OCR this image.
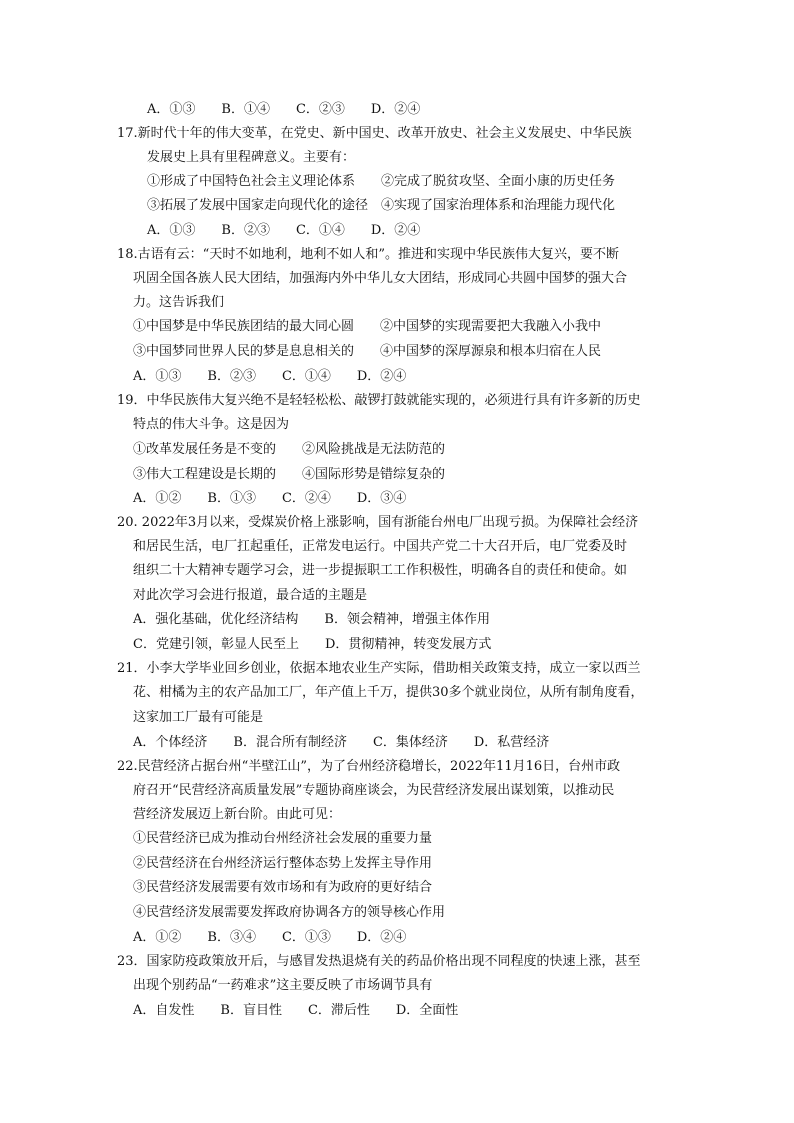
A．①③　　B．①④　　C．②③　　D．②④
17.新时代十年的伟大变革，在党史、新中国史、改革开放史、社会主义发展史、中华民族
发展史上具有里程碑意义。主要有：
①形成了中国特色社会主义理论体系　　②完成了脱贫攻坚、全面小康的历史任务
③拓展了发展中国家走向现代化的途径　④实现了国家治理体系和治理能力现代化
A．①③　　B．②③　　C．①④　　D．②④
18.古语有云：“天时不如地利，地利不如人和”。推进和实现中华民族伟大复兴，要不断
巩固全国各族人民大团结，加强海内外中华儿女大团结，形成同心共圆中国梦的强大合
力。这告诉我们
①中国梦是中华民族团结的最大同心圆　　②中国梦的实现需要把大我融入小我中
③中国梦同世界人民的梦是息息相关的　　④中国梦的深厚源泉和根本归宿在人民
A．①③　　B．②③　　C．①④　　D．②④
19．中华民族伟大复兴绝不是轻轻松松、敲锣打鼓就能实现的，必须进行具有许多新的历史
特点的伟大斗争。这是因为
①改革发展任务是不变的　　②风险挑战是无法防范的
③伟大工程建设是长期的　　④国际形势是错综复杂的
A．①②　　B．①③　　C．②④　　D．③④
20. 2022年3月以来，受煤炭价格上涨影响，国有浙能台州电厂出现亏损。为保障社会经济
和居民生活，电厂扛起重任，正常发电运行。中国共产党二十大召开后，电厂党委及时
组织二十大精神专题学习会，进一步提振职工工作积极性，明确各自的责任和使命。如
对此次学习会进行报道，最合适的主题是
A．强化基础，优化经济结构　　B．领会精神，增强主体作用
C．党建引领，彰显人民至上　　D．贯彻精神，转变发展方式
21．小李大学毕业回乡创业，依据本地农业生产实际，借助相关政策支持，成立一家以西兰
花、柑橘为主的农产品加工厂，年产值上千万，提供30多个就业岗位，从所有制角度看，
这家加工厂最有可能是
A．个体经济　　B．混合所有制经济　　C．集体经济　　D．私营经济
22.民营经济占据台州“半壁江山”，为了台州经济稳增长，2022年11月16日，台州市政
府召开“民营经济高质量发展”专题协商座谈会，为民营经济发展出谋划策，以推动民
营经济发展迈上新台阶。由此可见：
①民营经济已成为推动台州经济社会发展的重要力量
②民营经济在台州经济运行整体态势上发挥主导作用
③民营经济发展需要有效市场和有为政府的更好结合
④民营经济发展需要发挥政府协调各方的领导核心作用
A．①②　　B．③④　　C．①③　　D．②④
23．国家防疫政策放开后，与感冒发热退烧有关的药品价格出现不同程度的快速上涨，甚至
出现个别药品“一药难求”这主要反映了市场调节具有
A．自发性　　B．盲目性　　C．滞后性　　D．全面性
